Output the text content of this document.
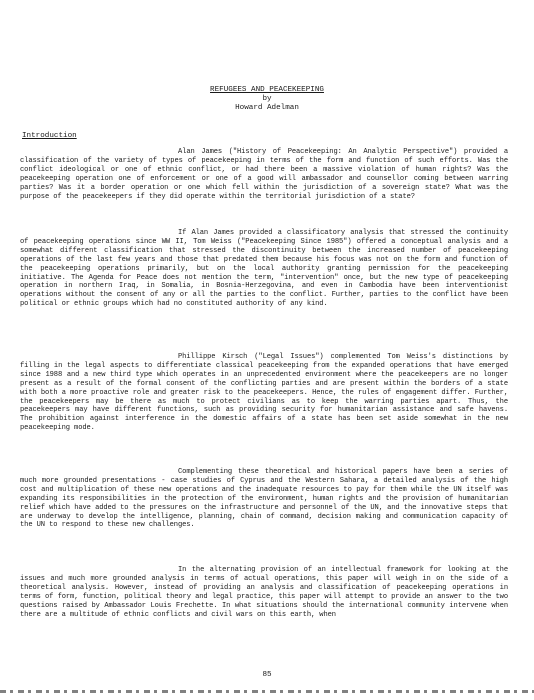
REFUGEES AND PEACEKEEPING
by
Howard Adelman
Introduction

Alan James ("History of Peacekeeping: An Analytic Perspective") provided a classification of the variety of types of peacekeeping in terms of the form and function of such efforts. Was the conflict ideological or one of ethnic conflict, or had there been a massive violation of human rights? Was the peacekeeping operation one of enforcement or one of a good will ambassador and counsellor coming between warring parties? Was it a border operation or one which fell within the jurisdiction of a sovereign state? What was the purpose of the peacekeepers if they did operate within the territorial jurisdiction of a state?

If Alan James provided a classificatory analysis that stressed the continuity of peacekeeping operations since WW II, Tom Weiss ("Peacekeeping Since 1985") offered a conceptual analysis and a somewhat different classification that stressed the discontinuity between the increased number of peacekeeping operations of the last few years and those that predated them because his focus was not on the form and function of the peacekeeping operations primarily, but on the local authority granting permission for the peacekeeping initiative. The Agenda for Peace does not mention the term, "intervention" once, but the new type of peacekeeping operation in northern Iraq, in Somalia, in Bosnia-Herzegovina, and even in Cambodia have been interventionist operations without the consent of any or all the parties to the conflict. Further, parties to the conflict have been political or ethnic groups which had no constituted authority of any kind.

Phillippe Kirsch ("Legal Issues") complemented Tom Weiss's distinctions by filling in the legal aspects to differentiate classical peacekeeping from the expanded operations that have emerged since 1988 and a new third type which operates in an unprecedented environment where the peacekeepers are no longer present as a result of the formal consent of the conflicting parties and are present within the borders of a state with both a more proactive role and greater risk to the peacekeepers. Hence, the rules of engagement differ. Further, the peacekeepers may be there as much to protect civilians as to keep the warring parties apart. Thus, the peacekeepers may have different functions, such as providing security for humanitarian assistance and safe havens. The prohibition against interference in the domestic affairs of a state has been set aside somewhat in the new peacekeeping mode.

Complementing these theoretical and historical papers have been a series of much more grounded presentations - case studies of Cyprus and the Western Sahara, a detailed analysis of the high cost and multiplication of these new operations and the inadequate resources to pay for them while the UN itself was expanding its responsibilities in the protection of the environment, human rights and the provision of humanitarian relief which have added to the pressures on the infrastructure and personnel of the UN, and the innovative steps that are underway to develop the intelligence, planning, chain of command, decision making and communication capacity of the UN to respond to these new challenges.

In the alternating provision of an intellectual framework for looking at the issues and much more grounded analysis in terms of actual operations, this paper will weigh in on the side of a theoretical analysis. However, instead of providing an analysis and classification of peacekeeping operations in terms of form, function, political theory and legal practice, this paper will attempt to provide an answer to the two questions raised by Ambassador Louis Frechette. In what situations should the international community intervene when there are a multitude of ethnic conflicts and civil wars on this earth, when

85
